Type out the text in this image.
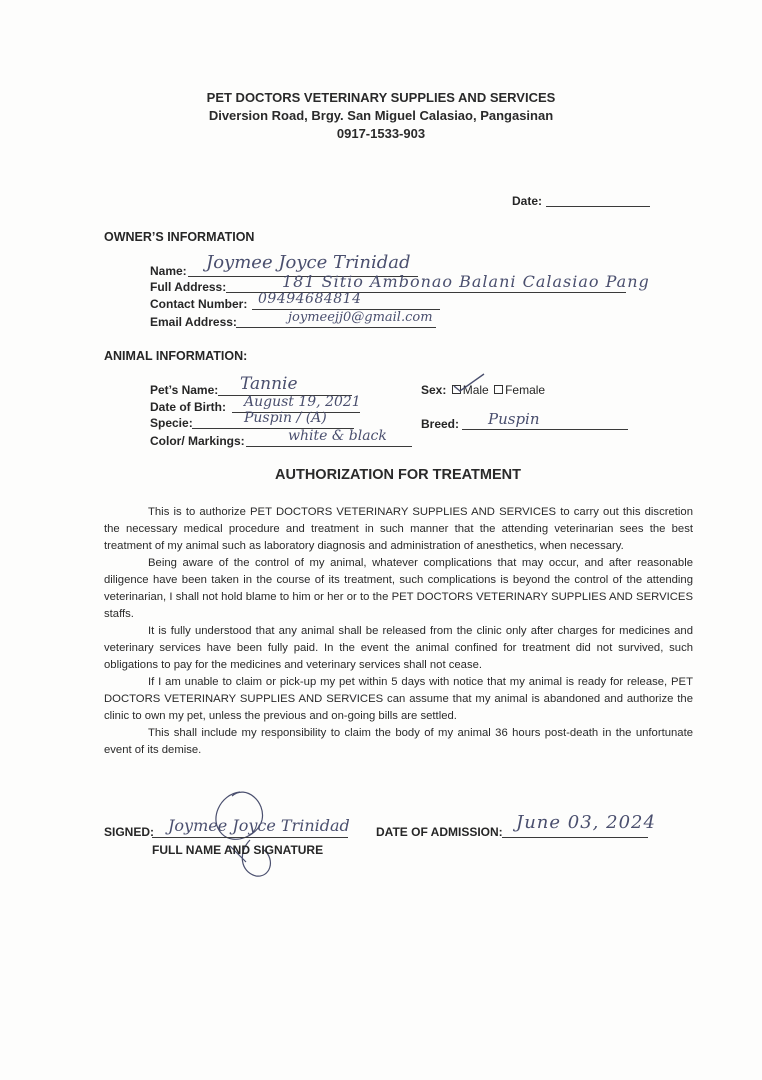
PET DOCTORS VETERINARY SUPPLIES AND SERVICES
Diversion Road, Brgy. San Miguel Calasiao, Pangasinan
0917-1533-903
Date:
OWNER’S INFORMATION
Name: Joymee Joyce Trinidad
Full Address:	181 Sitio Ambonao Balani Calasiao Pang
Contact Number: 09494684814
Email Address:	joymeejj0@gmail.com
ANIMAL INFORMATION:
Pet’s Name: Tannie
Date of Birth: August 19, 2021
Specie:	Puspin / (A)
Color/ Markings:	white & black
Sex: Male Female
Breed: Puspin
AUTHORIZATION FOR TREATMENT

This is to authorize PET DOCTORS VETERINARY SUPPLIES AND SERVICES to carry out this discretion the necessary medical procedure and treatment in such manner that the attending veterinarian sees the best treatment of my animal such as laboratory diagnosis and administration of anesthetics, when necessary.

Being aware of the control of my animal, whatever complications that may occur, and after reasonable diligence have been taken in the course of its treatment, such complications is beyond the control of the attending veterinarian, I shall not hold blame to him or her or to the PET DOCTORS VETERINARY SUPPLIES AND SERVICES staffs.

It is fully understood that any animal shall be released from the clinic only after charges for medicines and veterinary services have been fully paid. In the event the animal confined for treatment did not survived, such obligations to pay for the medicines and veterinary services shall not cease.

If I am unable to claim or pick-up my pet within 5 days with notice that my animal is ready for release, PET DOCTORS VETERINARY SUPPLIES AND SERVICES can assume that my animal is abandoned and authorize the clinic to own my pet, unless the previous and on-going bills are settled.

This shall include my responsibility to claim the body of my animal 36 hours post-death in the unfortunate event of its demise.

SIGNED: Joymee Joyce Trinidad
FULL NAME AND SIGNATURE
DATE OF ADMISSION: June 03, 2024
